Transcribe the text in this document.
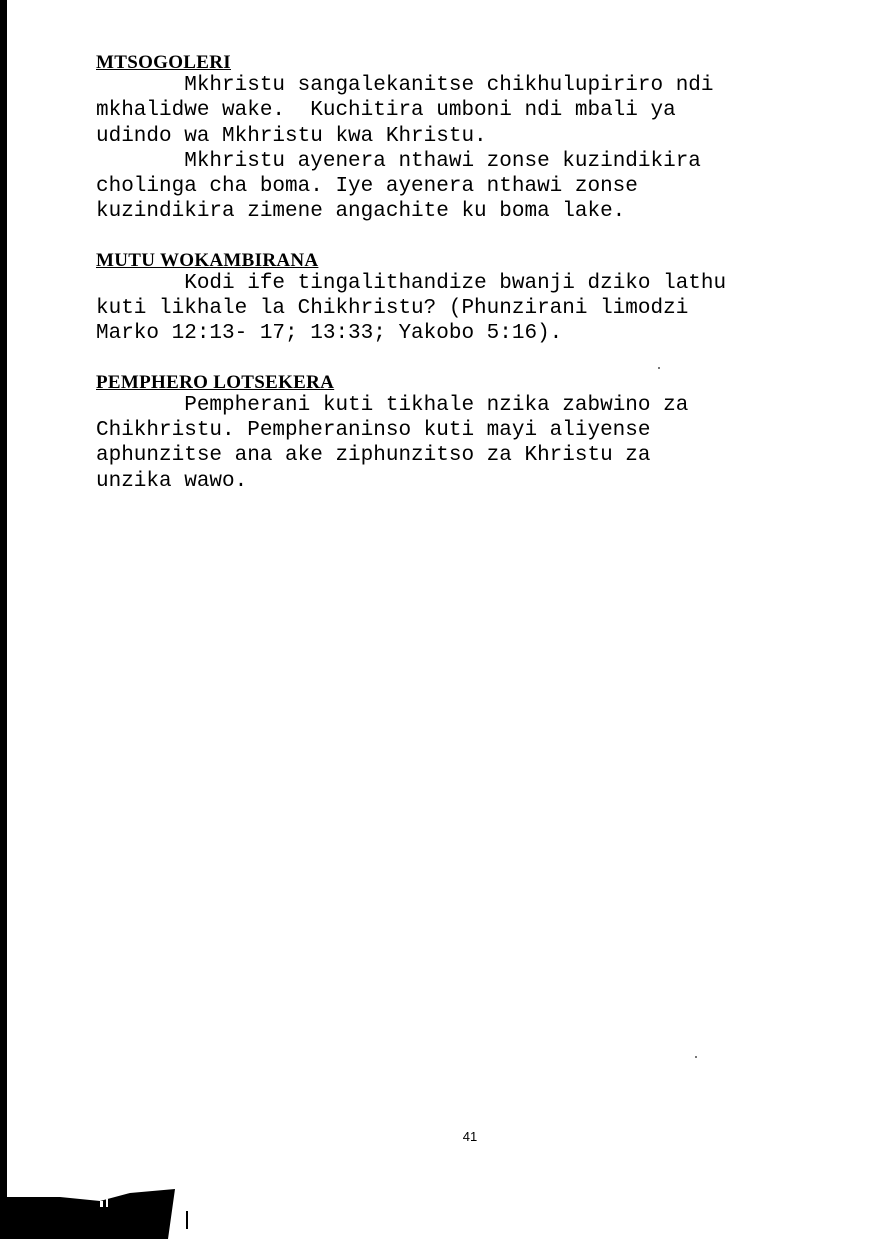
MTSOGOLERI

Mkhristu sangalekanitse chikhulupiriro ndi
mkhalidwe wake.  Kuchitira umboni ndi mbali ya
udindo wa Mkhristu kwa Khristu.

Mkhristu ayenera nthawi zonse kuzindikira
cholinga cha boma. Iye ayenera nthawi zonse
kuzindikira zimene angachite ku boma lake.

MUTU WOKAMBIRANA

Kodi ife tingalithandize bwanji dziko lathu
kuti likhale la Chikhristu? (Phunzirani limodzi
Marko 12:13- 17; 13:33; Yakobo 5:16).

PEMPHERO LOTSEKERA

Pempherani kuti tikhale nzika zabwino za
Chikhristu. Pempheraninso kuti mayi aliyense
aphunzitse ana ake ziphunzitso za Khristu za
unzika wawo.

41
